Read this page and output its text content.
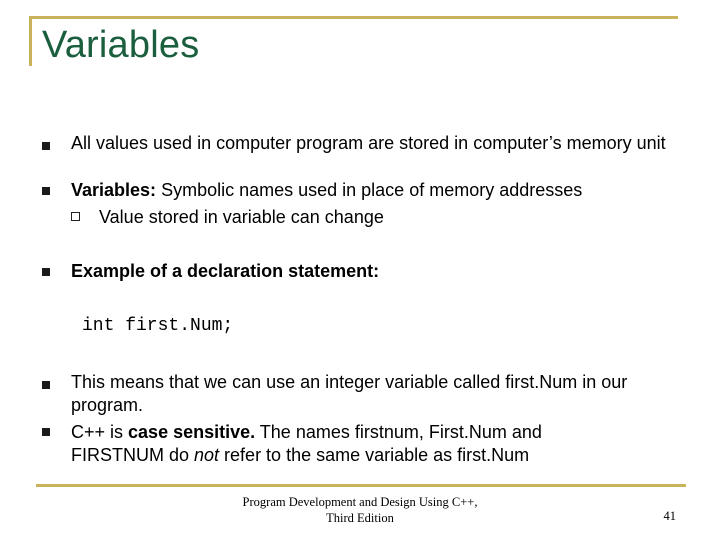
Variables
All values used in computer program are stored in computer’s memory unit
Variables: Symbolic names used in place of memory addresses
Value stored in variable can change
Example of a declaration statement:
int first.Num;
This means that we can use an integer variable called first.Num in our program.
C++ is case sensitive. The names firstnum, First.Num and FIRSTNUM do not refer to the same variable as first.Num
Program Development and Design Using C++, Third Edition	41
